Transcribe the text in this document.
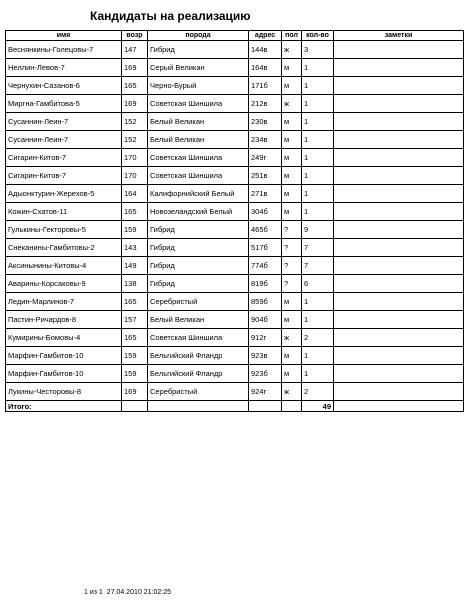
Кандидаты на реализацию
имя	возр	порода	адрес	пол	кол-во	заметки
Веснянкины-Голецовы-7	147	Гибрид	144в	ж	3	
Неллин-Левов-7	169	Серый Великан	164в	м	1	
Чернухин-Сазанов-6	165	Черно-Бурый	171б	м	1	
Миргна-Гамбитова-5	169	Советская Шиншила	212в	ж	1	
Сусаннин-Леин-7	152	Белый Великан	230в	м	1	
Сусаннин-Леин-7	152	Белый Великан	234в	м	1	
Сигарин-Китов-7	170	Советская Шиншила	249г	м	1	
Сигарин-Китов-7	170	Советская Шиншила	251в	м	1	
Адыонктурин-Жерехов-5	164	Калифорнийский Белый	271в	м	1	
Кожин-Схатов-11	165	Новозеландский Белый	304б	м	1	
Гулькины-Гекторовы-5	159	Гибрид	465б	?	9	
Снеканины-Гамбитовы-2	143	Гибрид	517б	?	7	
Аксинынины-Китовы-4	149	Гибрид	774б	?	7	
Аварины-Корсаковы-9	138	Гибрид	819б	?	6	
Ледин-Марлинов-7	165	Серебристый	859б	м	1	
Пастин-Ричардов-8	157	Белый Великан	904б	м	1	
Кумирины-Бомовы-4	165	Советская Шиншила	912г	ж	2	
Марфин-Гамбитов-10	159	Бельгийский Фландр	923в	м	1	
Марфин-Гамбитов-10	159	Бельгийский Фландр	923б	м	1	
Лукины-Честоровы-8	169	Серебристый	924г	ж	2	
Итого:					49	
1 из 1 27.04.2010 21:02:25
